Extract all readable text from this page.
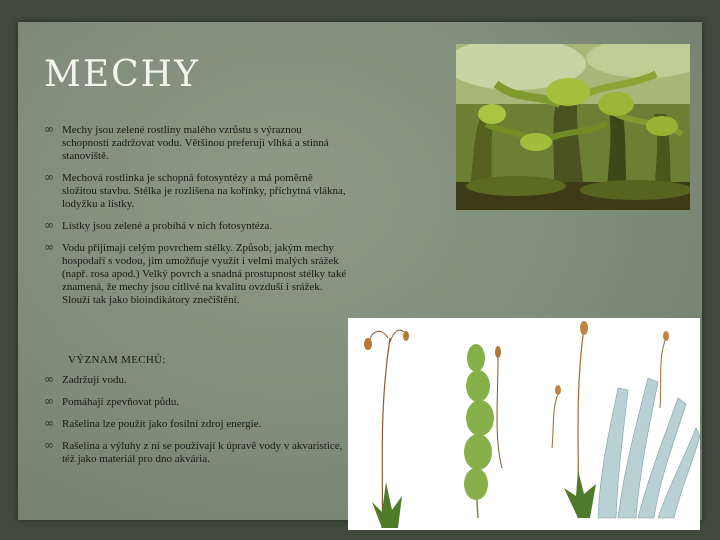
MECHY
∞ Mechy jsou zelené rostliny malého vzrůstu s výraznou schopností zadržovat vodu. Většinou preferují vlhká a stinná stanoviště.
∞ Mechová rostlinka je schopná fotosyntézy a má poměrně složitou stavbu. Stélka je rozlišena na kořínky, příchytná vlákna, lodyžku a lístky.
∞ Lístky jsou zelené a probíhá v nich fotosyntéza.
∞ Vodu přijímají celým povrchem stélky. Způsob, jakým mechy hospodaří s vodou, jim umožňuje využít i velmi malých srážek (např. rosa apod.) Velký povrch a snadná prostupnost stélky také znamená, že mechy jsou citlivé na kvalitu ovzduší i srážek. Slouží tak jako bioindikátory znečištění.
VÝZNAM MECHŮ:
∞ Zadržují vodu.
∞ Pomáhají zpevňovat půdu.
∞ Rašelina lze použít jako fosilní zdroj energie.
∞ Rašelina a výluhy z ní se používají k úpravě vody v akvaristice, též jako materiál pro dno akvária.
